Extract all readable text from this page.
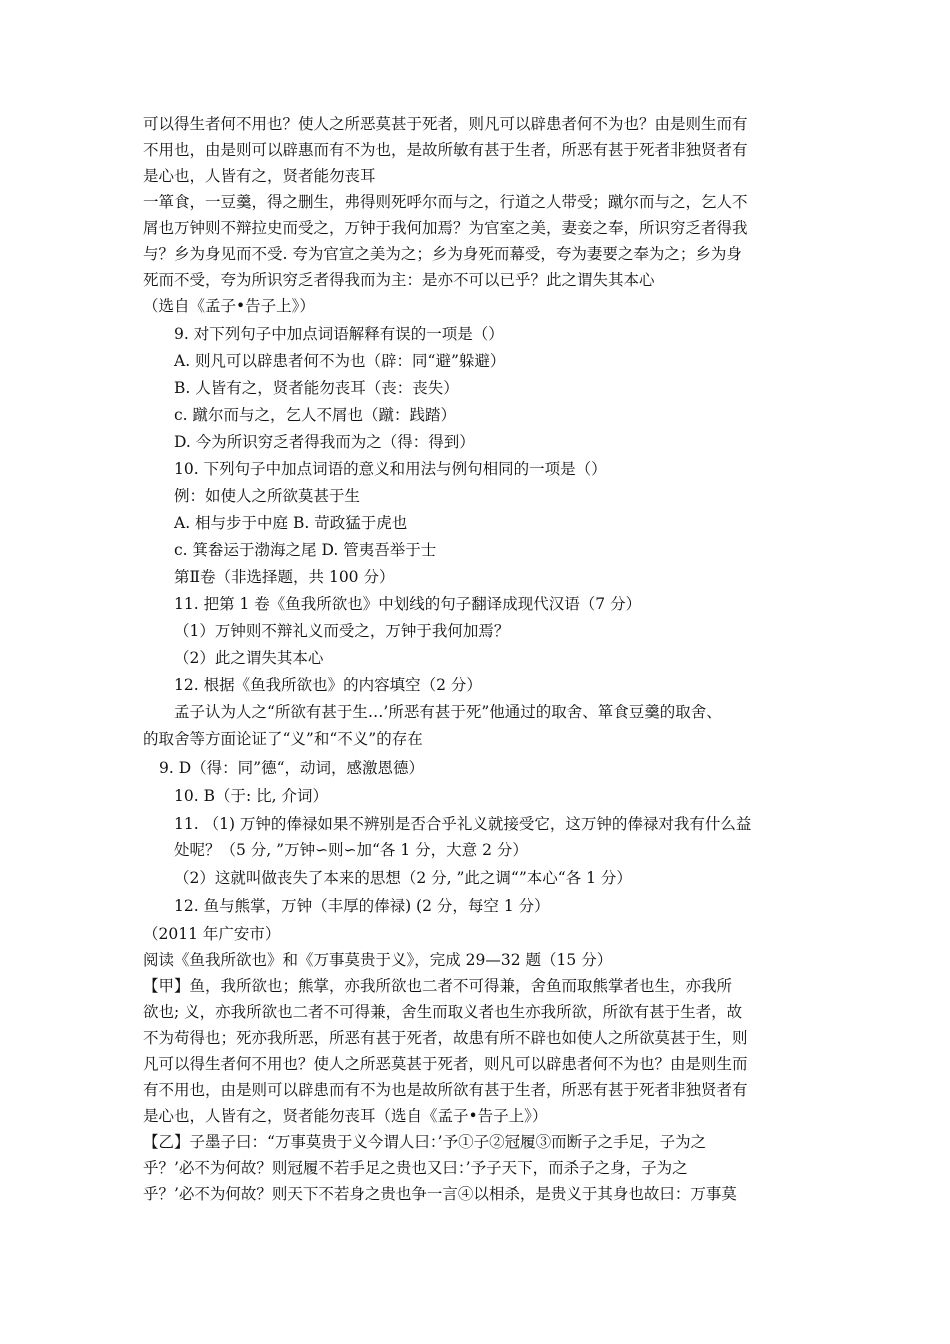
可以得生者何不用也？使人之所恶莫甚于死者，则凡可以辟患者何不为也？由是则生而有
不用也，由是则可以辟惠而有不为也，是故所敏有甚于生者，所恶有甚于死者非独贤者有
是心也，人皆有之，贤者能勿丧耳
一箪食，一豆羹，得之删生，弗得则死呼尔而与之，行道之人带受；蹴尔而与之，乞人不
屑也万钟则不辩拉史而受之，万钟于我何加焉？为官室之美，妻妾之奉，所识穷乏者得我
与？乡为身见而不受. 夸为官宣之美为之；乡为身死而幕受，夸为妻要之奉为之；乡为身
死而不受，夸为所识穷乏者得我而为主：是亦不可以已乎？此之谓失其本心
（选自《孟子•告子上》）
9. 对下列句子中加点词语解释有误的一项是（）
A. 则凡可以辟患者何不为也（辟：同“避”躲避）
B. 人皆有之，贤者能勿丧耳（丧：丧失）
c. 蹴尔而与之，乞人不屑也（蹴：践踏）
D. 今为所识穷乏者得我而为之（得：得到）
10. 下列句子中加点词语的意义和用法与例句相同的一项是（）
例：如使人之所欲莫甚于生
A. 相与步于中庭 B. 苛政猛于虎也
c. 箕畚运于渤海之尾 D. 管夷吾举于士
第Ⅱ卷（非选择题，共 100 分）
11. 把第 1 卷《鱼我所欲也》中划线的句子翻译成现代汉语（7 分）
（1）万钟则不辩礼义而受之，万钟于我何加焉？
（2）此之谓失其本心
12. 根据《鱼我所欲也》的内容填空（2 分）
孟子认为人之“所欲有甚于生…’所恶有甚于死”他通过的取舍、箪食豆羹的取舍、
的取舍等方面论证了“义”和“不义”的存在
9. D（得：同”德“，动词，感激恩德）
10. B（于: 比, 介词）
11. （1) 万钟的俸禄如果不辨别是否合乎礼义就接受它，这万钟的俸禄对我有什么益
处呢？（5 分, ”万钟∽则∽加“各 1 分，大意 2 分）
（2）这就叫做丧失了本来的思想（2 分, ”此之调“”本心“各 1 分）
12. 鱼与熊掌，万钟（丰厚的俸禄) (2 分，每空 1 分）
（2011 年广安市）
阅读《鱼我所欲也》和《万事莫贵于义》，完成 29—32 题（15 分）
【甲】鱼，我所欲也；熊掌，亦我所欲也二者不可得兼，舍鱼而取熊掌者也生，亦我所
欲也; 义，亦我所欲也二者不可得兼，舍生而取义者也生亦我所欲，所欲有甚于生者，故
不为苟得也；死亦我所恶，所恶有甚于死者，故患有所不辟也如使人之所欲莫甚于生，则
凡可以得生者何不用也？使人之所恶莫甚于死者，则凡可以辟患者何不为也？由是则生而
有不用也，由是则可以辟患而有不为也是故所欲有甚于生者，所恶有甚于死者非独贤者有
是心也，人皆有之，贤者能勿丧耳（选自《孟子•告子上》）
【乙】子墨子曰：“万事莫贵于义今谓人曰：’予①子②冠履③而断子之手足，子为之
乎？’必不为何故？则冠履不若手足之贵也又曰：’予子天下，而杀子之身，子为之
乎？’必不为何故？则天下不若身之贵也争一言④以相杀，是贵义于其身也故曰：万事莫
